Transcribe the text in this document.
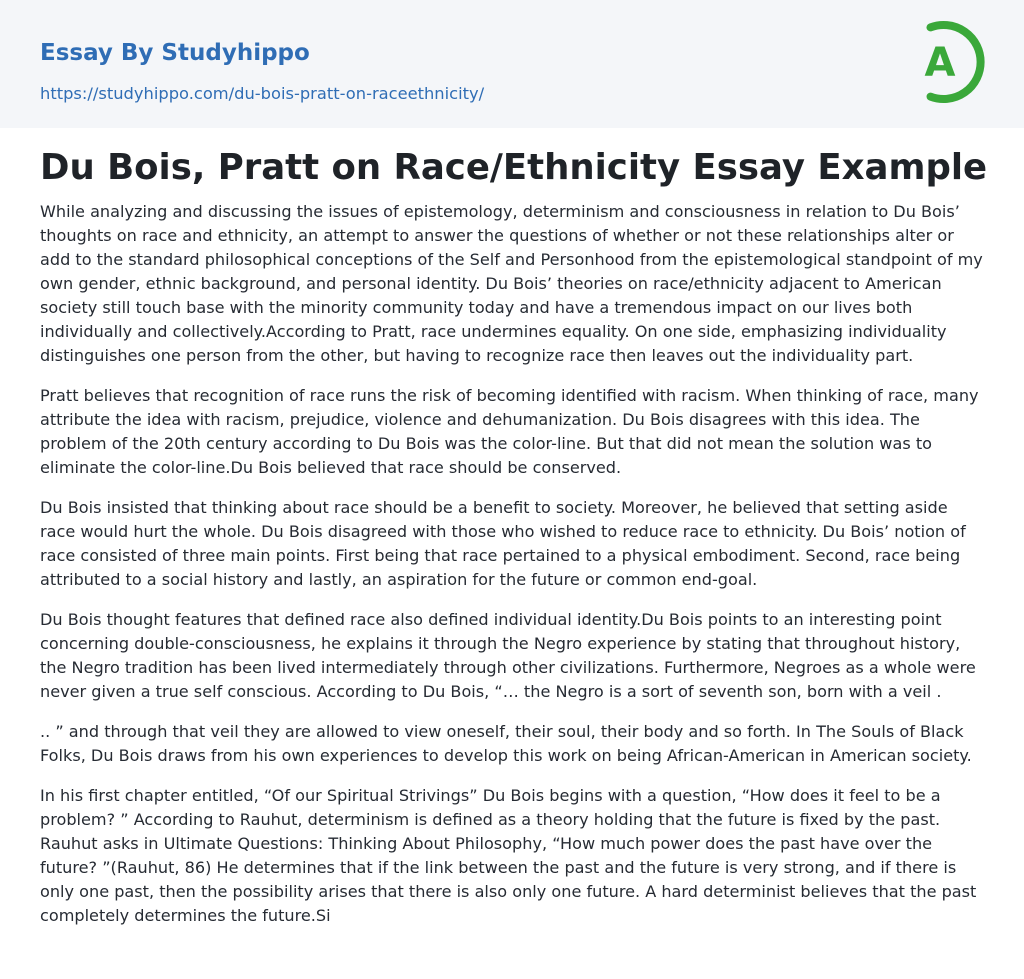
Essay By Studyhippo
https://studyhippo.com/du-bois-pratt-on-raceethnicity/
A
Du Bois, Pratt on Race/Ethnicity Essay Example

While analyzing and discussing the issues of epistemology, determinism and consciousness in relation to Du Bois’ thoughts on race and ethnicity, an attempt to answer the questions of whether or not these relationships alter or add to the standard philosophical conceptions of the Self and Personhood from the epistemological standpoint of my own gender, ethnic background, and personal identity. Du Bois’ theories on race/ethnicity adjacent to American society still touch base with the minority community today and have a tremendous impact on our lives both individually and collectively.According to Pratt, race undermines equality. On one side, emphasizing individuality distinguishes one person from the other, but having to recognize race then leaves out the individuality part.

Pratt believes that recognition of race runs the risk of becoming identified with racism. When thinking of race, many attribute the idea with racism, prejudice, violence and dehumanization. Du Bois disagrees with this idea. The problem of the 20th century according to Du Bois was the color-line. But that did not mean the solution was to eliminate the color-line.Du Bois believed that race should be conserved.

Du Bois insisted that thinking about race should be a benefit to society. Moreover, he believed that setting aside race would hurt the whole. Du Bois disagreed with those who wished to reduce race to ethnicity. Du Bois’ notion of race consisted of three main points. First being that race pertained to a physical embodiment. Second, race being attributed to a social history and lastly, an aspiration for the future or common end-goal.

Du Bois thought features that defined race also defined individual identity.Du Bois points to an interesting point concerning double-consciousness, he explains it through the Negro experience by stating that throughout history, the Negro tradition has been lived intermediately through other civilizations. Furthermore, Negroes as a whole were never given a true self conscious. According to Du Bois, “… the Negro is a sort of seventh son, born with a veil .

.. ” and through that veil they are allowed to view oneself, their soul, their body and so forth. In The Souls of Black Folks, Du Bois draws from his own experiences to develop this work on being African-American in American society.

In his first chapter entitled, “Of our Spiritual Strivings” Du Bois begins with a question, “How does it feel to be a problem? ” According to Rauhut, determinism is defined as a theory holding that the future is fixed by the past. Rauhut asks in Ultimate Questions: Thinking About Philosophy, “How much power does the past have over the future? ”(Rauhut, 86) He determines that if the link between the past and the future is very strong, and if there is only one past, then the possibility arises that there is also only one future. A hard determinist believes that the past completely determines the future.Si
